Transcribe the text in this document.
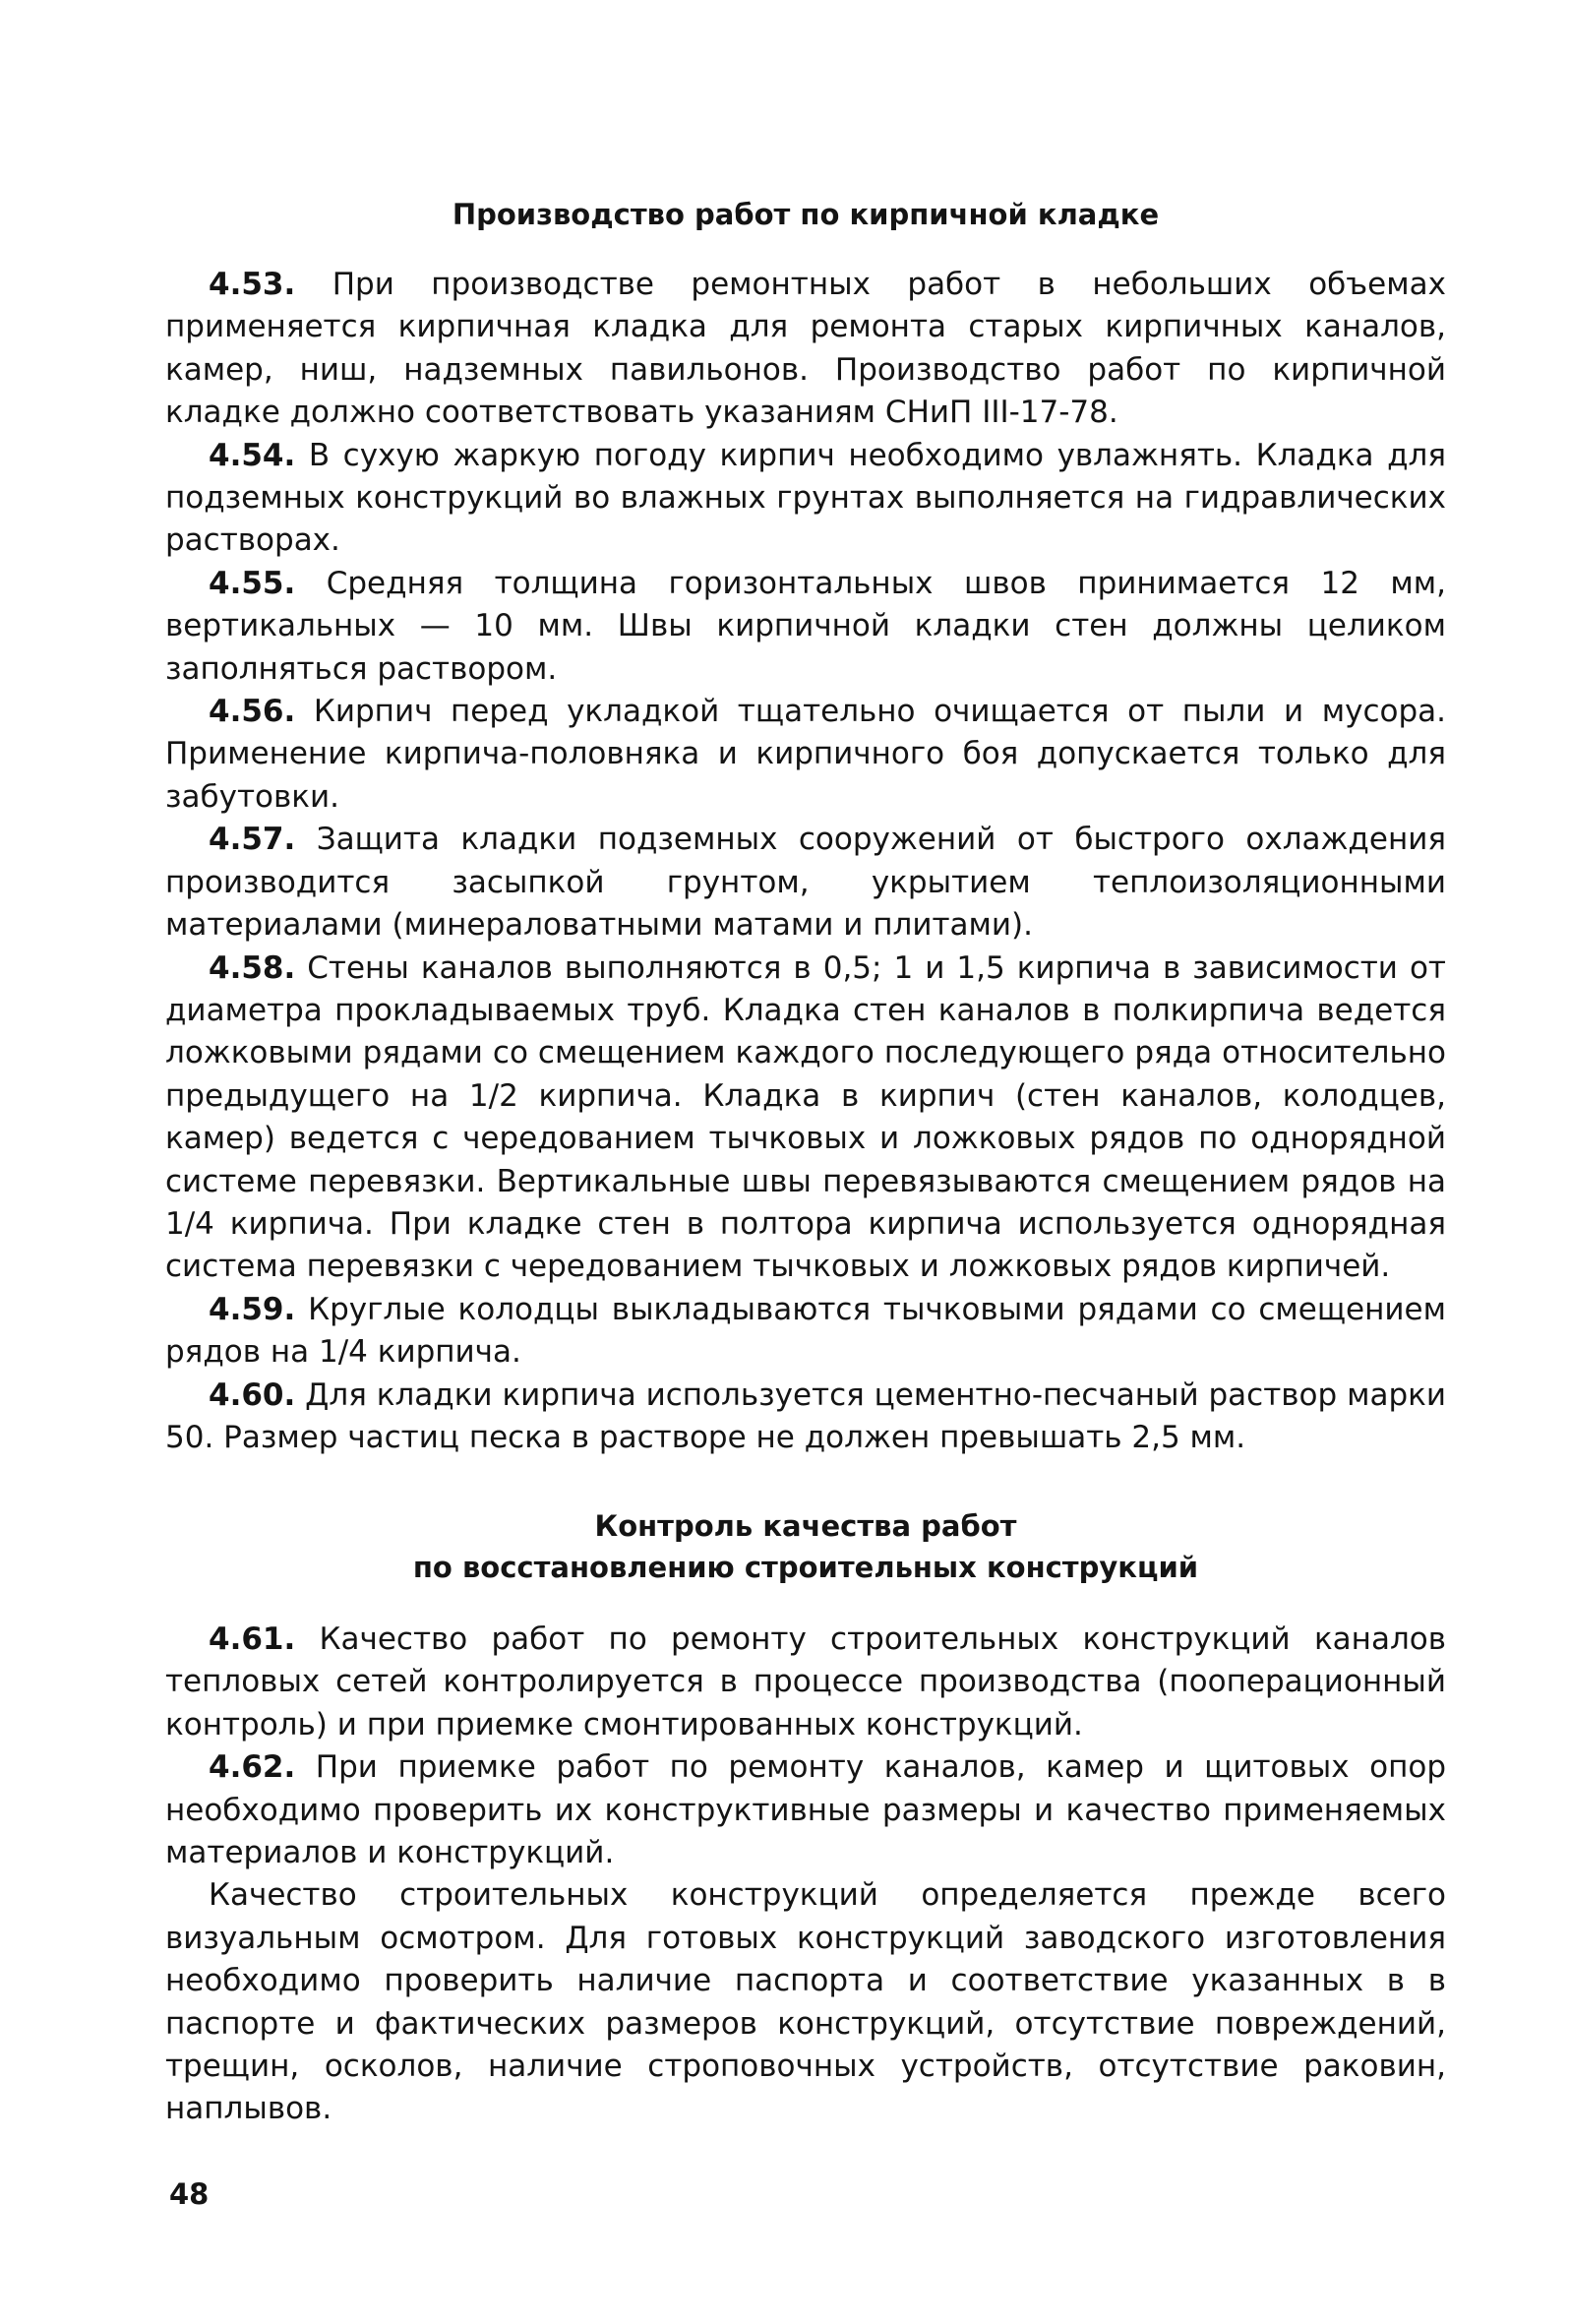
Производство работ по кирпичной кладке

4.53. При производстве ремонтных работ в небольших объемах применяется кирпичная кладка для ремонта старых кирпичных каналов, камер, ниш, надземных павильонов. Производство работ по кирпичной кладке должно соответствовать указаниям СНиП III-17-78.

4.54. В сухую жаркую погоду кирпич необходимо увлажнять. Кладка для подземных конструкций во влажных грунтах выполняется на гидравлических растворах.

4.55. Средняя толщина горизонтальных швов принимается 12 мм, вертикальных — 10 мм. Швы кирпичной кладки стен должны целиком заполняться раствором.

4.56. Кирпич перед укладкой тщательно очищается от пыли и мусора. Применение кирпича-половняка и кирпичного боя допускается только для забутовки.

4.57. Защита кладки подземных сооружений от быстрого охлаждения производится засыпкой грунтом, укрытием теплоизоляционными материалами (минераловатными матами и плитами).

4.58. Стены каналов выполняются в 0,5; 1 и 1,5 кирпича в зависимости от диаметра прокладываемых труб. Кладка стен каналов в полкирпича ведется ложковыми рядами со смещением каждого последующего ряда относительно предыдущего на 1/2 кирпича. Кладка в кирпич (стен каналов, колодцев, камер) ведется с чередованием тычковых и ложковых рядов по однорядной системе перевязки. Вертикальные швы перевязываются смещением рядов на 1/4 кирпича. При кладке стен в полтора кирпича используется однорядная система перевязки с чередованием тычковых и ложковых рядов кирпичей.

4.59. Круглые колодцы выкладываются тычковыми рядами со смещением рядов на 1/4 кирпича.

4.60. Для кладки кирпича используется цементно-песчаный раствор марки 50. Размер частиц песка в растворе не должен превышать 2,5 мм.

Контроль качества работ
по восстановлению строительных конструкций

4.61. Качество работ по ремонту строительных конструкций каналов тепловых сетей контролируется в процессе производства (пооперационный контроль) и при приемке смонтированных конструкций.

4.62. При приемке работ по ремонту каналов, камер и щитовых опор необходимо проверить их конструктивные размеры и качество применяемых материалов и конструкций.

Качество строительных конструкций определяется прежде всего визуальным осмотром. Для готовых конструкций заводского изготовления необходимо проверить наличие паспорта и соответствие указанных в в паспорте и фактических размеров конструкций, отсутствие повреждений, трещин, осколов, наличие строповочных устройств, отсутствие раковин, наплывов.

48
